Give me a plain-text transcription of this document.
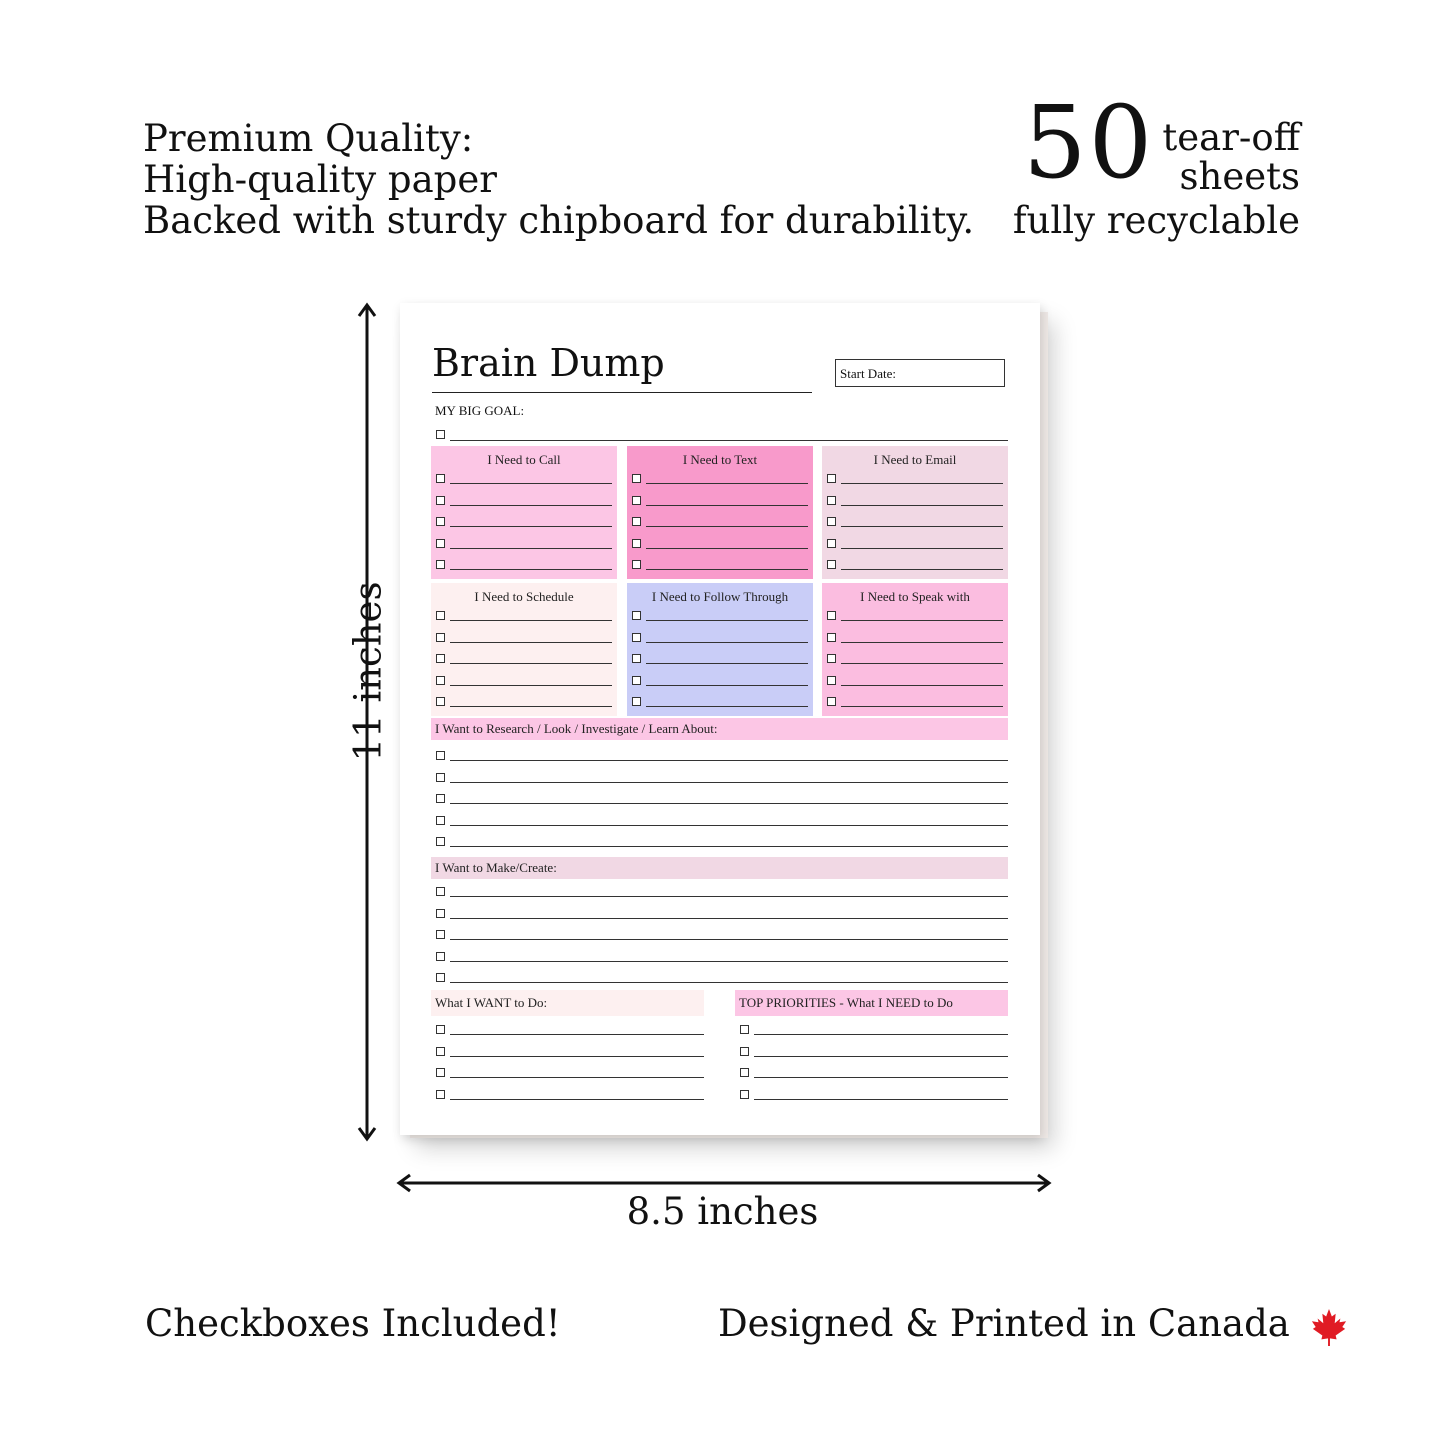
Premium Quality:
High-quality paper
Backed with sturdy chipboard for durability.
50 tear-off
sheets
fully recyclable
11 inches
8.5 inches
Brain Dump	Start Date:
MY BIG GOAL:
I Need to Call	I Need to Text	I Need to Email
I Need to Schedule	I Need to Follow Through	I Need to Speak with
I Want to Research / Look / Investigate / Learn About:
I Want to Make/Create:
What I WANT to Do:	TOP PRIORITIES - What I NEED to Do
Checkboxes Included!	Designed & Printed in Canada
